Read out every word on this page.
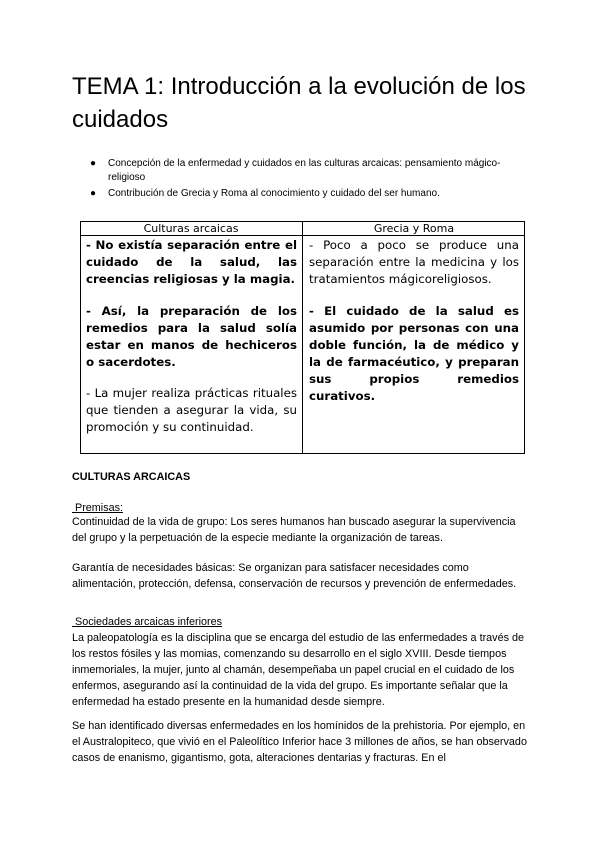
TEMA 1: Introducción a la evolución de los cuidados
● Concepción de la enfermedad y cuidados en las culturas arcaicas: pensamiento mágico-religioso
● Contribución de Grecia y Roma al conocimiento y cuidado del ser humano.
Culturas arcaicas	Grecia y Roma
- No existía separación entre el cuidado de la salud, las creencias religiosas y la magia.
- Así, la preparación de los remedios para la salud solía estar en manos de hechiceros o sacerdotes.
- La mujer realiza prácticas rituales que tienden a asegurar la vida, su promoción y su continuidad.
- Poco a poco se produce una separación entre la medicina y los tratamientos mágicoreligiosos.
- El cuidado de la salud es asumido por personas con una doble función, la de médico y la de farmacéutico, y preparan sus propios remedios curativos.

CULTURAS ARCAICAS

Premisas:

Continuidad de la vida de grupo: Los seres humanos han buscado asegurar la supervivencia del grupo y la perpetuación de la especie mediante la organización de tareas.

Garantía de necesidades básicas: Se organizan para satisfacer necesidades como alimentación, protección, defensa, conservación de recursos y prevención de enfermedades.

Sociedades arcaicas inferiores

La paleopatología es la disciplina que se encarga del estudio de las enfermedades a través de los restos fósiles y las momias, comenzando su desarrollo en el siglo XVIII. Desde tiempos inmemoriales, la mujer, junto al chamán, desempeñaba un papel crucial en el cuidado de los enfermos, asegurando así la continuidad de la vida del grupo. Es importante señalar que la enfermedad ha estado presente en la humanidad desde siempre.

Se han identificado diversas enfermedades en los homínidos de la prehistoria. Por ejemplo, en el Australopiteco, que vivió en el Paleolítico Inferior hace 3 millones de años, se han observado casos de enanismo, gigantismo, gota, alteraciones dentarias y fracturas. En el
